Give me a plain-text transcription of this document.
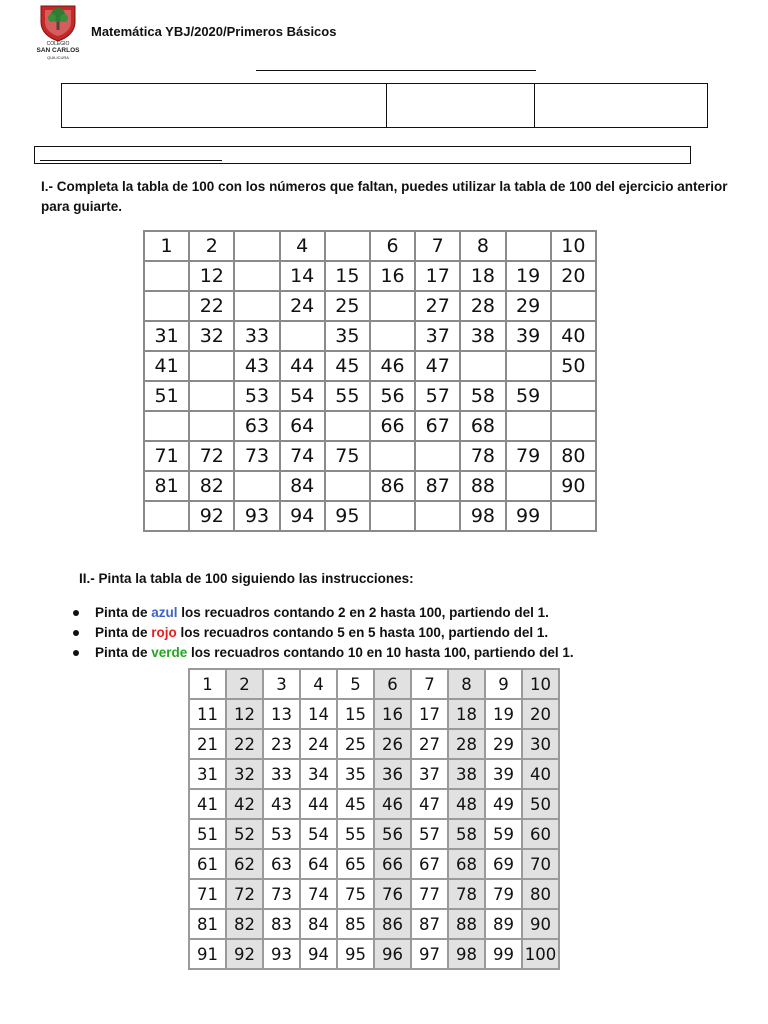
COLEGIO
SAN CARLOS
QUILICURA
Matemática YBJ/2020/Primeros Básicos
I.- Completa la tabla de 100 con los números que faltan, puedes utilizar la tabla de 100 del ejercicio anterior para guiarte.
1	2		4		6	7	8		10
	12		14	15	16	17	18	19	20
	22		24	25		27	28	29	
31	32	33		35		37	38	39	40
41		43	44	45	46	47			50
51		53	54	55	56	57	58	59	
		63	64		66	67	68		
71	72	73	74	75			78	79	80
81	82		84		86	87	88		90
	92	93	94	95			98	99	
II.- Pinta la tabla de 100 siguiendo las instrucciones:
Pinta de azul los recuadros contando 2 en 2 hasta 100, partiendo del 1.
Pinta de rojo los recuadros contando 5 en 5 hasta 100, partiendo del 1.
Pinta de verde los recuadros contando 10 en 10 hasta 100, partiendo del 1.
1	2	3	4	5	6	7	8	9	10
11	12	13	14	15	16	17	18	19	20
21	22	23	24	25	26	27	28	29	30
31	32	33	34	35	36	37	38	39	40
41	42	43	44	45	46	47	48	49	50
51	52	53	54	55	56	57	58	59	60
61	62	63	64	65	66	67	68	69	70
71	72	73	74	75	76	77	78	79	80
81	82	83	84	85	86	87	88	89	90
91	92	93	94	95	96	97	98	99	100
